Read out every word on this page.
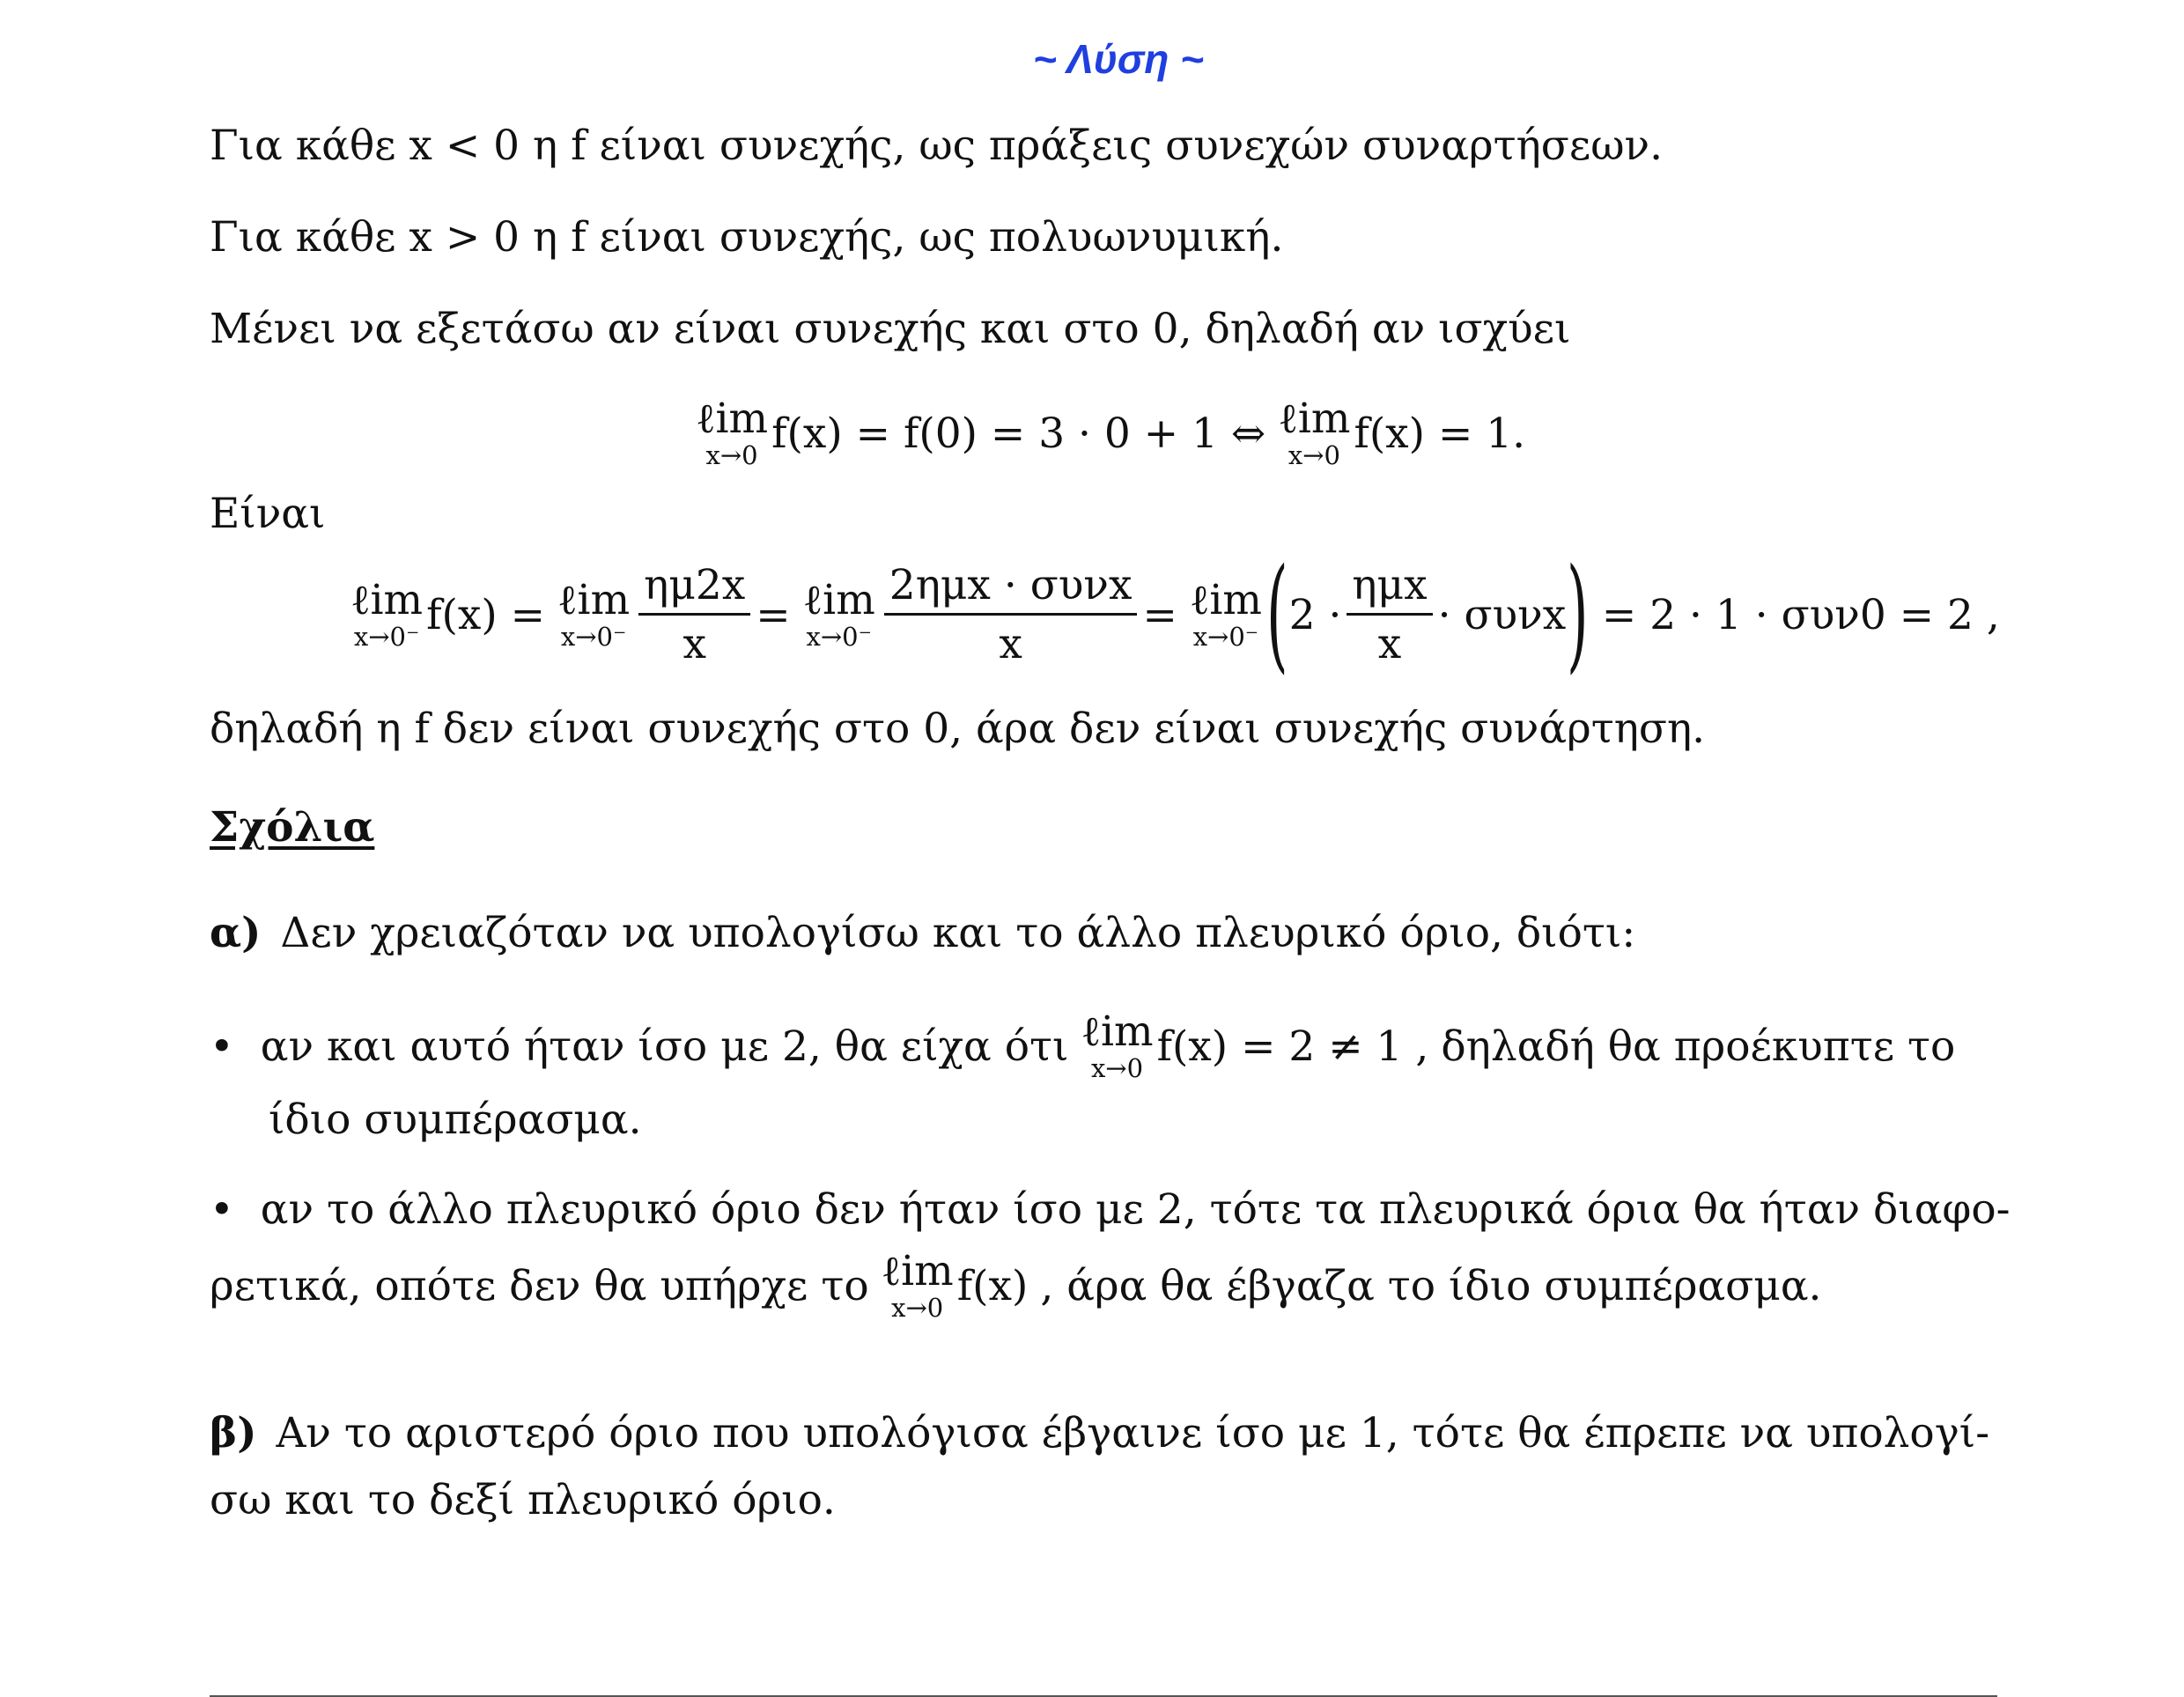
~ Λύση ~
Για κάθε x < 0 η f είναι συνεχής, ως πράξεις συνεχών συναρτήσεων.
Για κάθε x > 0 η f είναι συνεχής, ως πολυωνυμική.
Μένει να εξετάσω αν είναι συνεχής και στο 0, δηλαδή αν ισχύει
ℓim
x→0 f(x) = f(0) = 3 · 0 + 1 ⇔ ℓim
x→0 f(x) = 1.
Είναι
ℓim
x→0⁻ f(x) = ℓim
$x\to 0^- \frac{\eta\mu 2x}{x}$ = ℓim
$x\to 0^- \frac{\text{2ημx · συνx}}{x}$ = ℓim
x→0⁻ ( $2 \cdot \frac{\text{ημx}}{x} \cdot \sigma\upsilon\nu x$ ) = 2 · 1 · συν0 = 2 ,
δηλαδή η f δεν είναι συνεχής στο 0, άρα δεν είναι συνεχής συνάρτηση.
Σχόλια
α) Δεν χρειαζόταν να υπολογίσω και το άλλο πλευρικό όριο, διότι:
• αν και αυτό ήταν ίσο με 2, θα είχα ότι ℓim
x→0 f(x) = 2 ≠ 1 , δηλαδή θα προέκυπτε το
ίδιο συμπέρασμα.
• αν το άλλο πλευρικό όριο δεν ήταν ίσο με 2, τότε τα πλευρικά όρια θα ήταν διαφο-
ρετικά, οπότε δεν θα υπήρχε το ℓim
x→0 f(x) , άρα θα έβγαζα το ίδιο συμπέρασμα.
β) Αν το αριστερό όριο που υπολόγισα έβγαινε ίσο με 1, τότε θα έπρεπε να υπολογί-
σω και το δεξί πλευρικό όριο.
